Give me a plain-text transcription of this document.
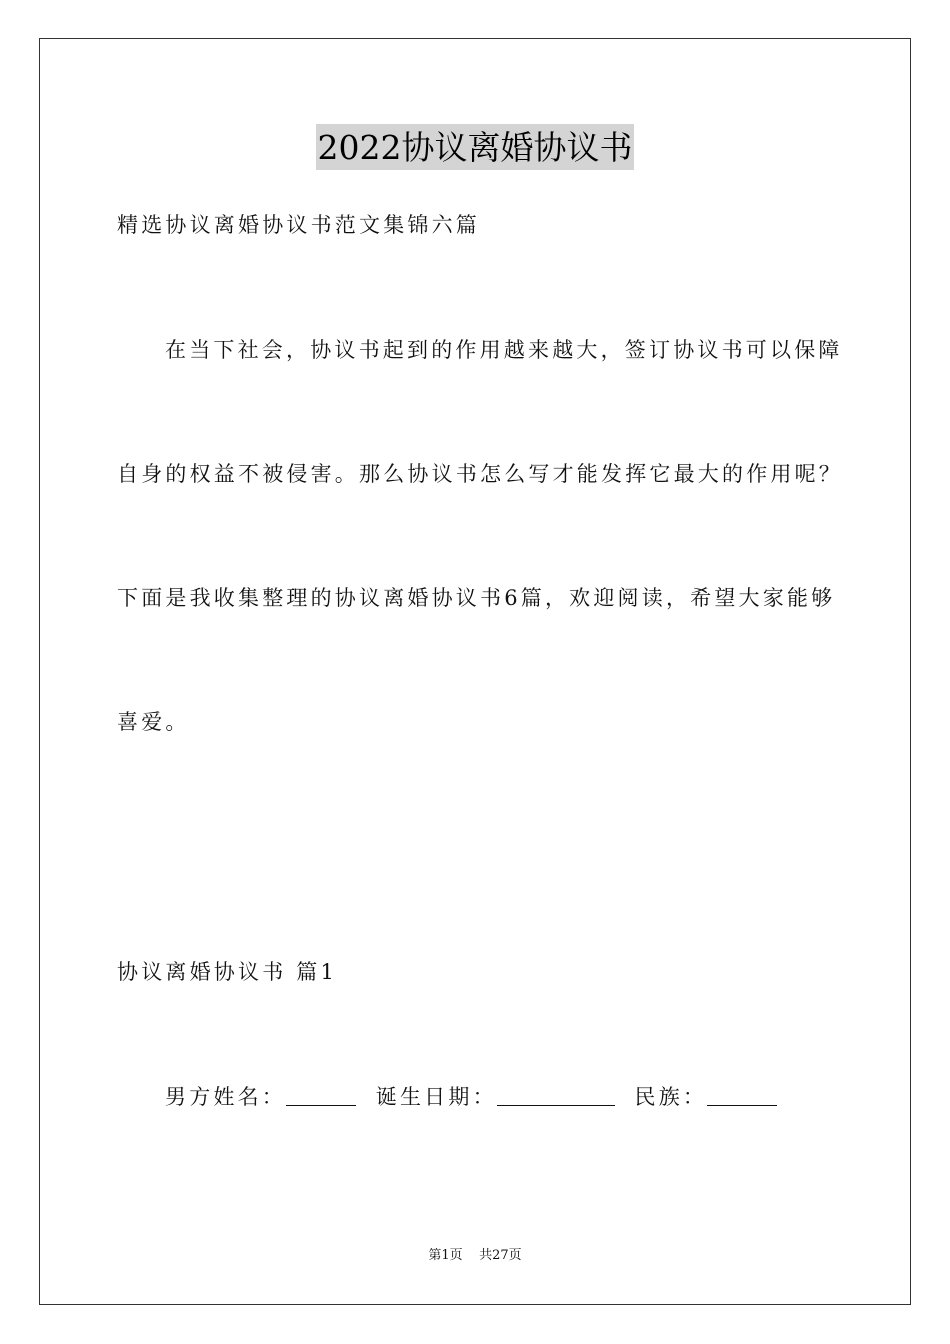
2022协议离婚协议书
精选协议离婚协议书范文集锦六篇
在当下社会，协议书起到的作用越来越大，签订协议书可以保障
自身的权益不被侵害。那么协议书怎么写才能发挥它最大的作用呢？
下面是我收集整理的协议离婚协议书6篇，欢迎阅读，希望大家能够
喜爱。
协议离婚协议书 篇1
男方姓名：	诞生日期：	民族：
第1页    共27页
